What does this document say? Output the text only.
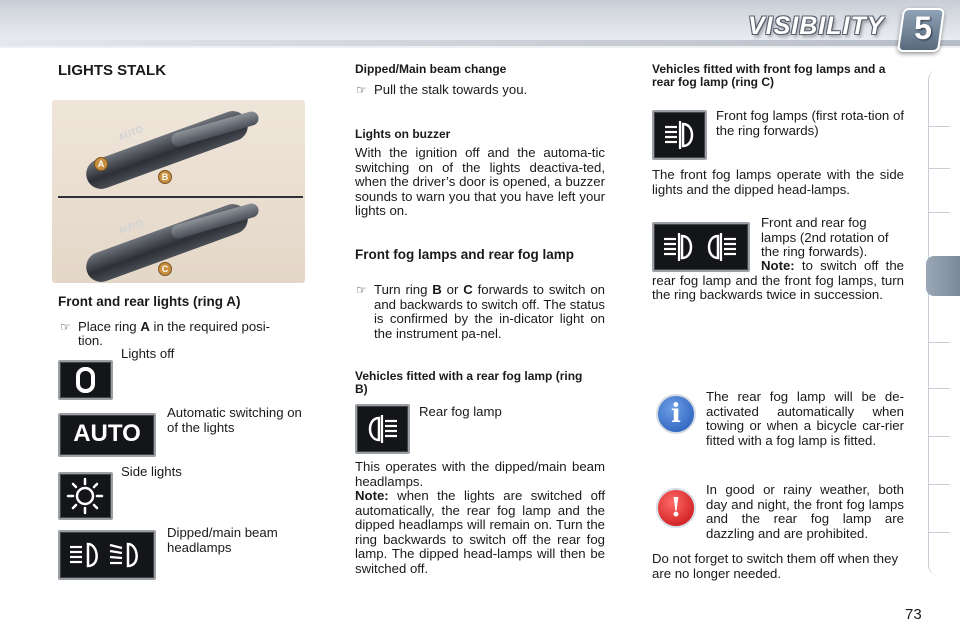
VISIBILITY 5
LIGHTS STALK
AUTO
AUTO
A
B
C
Front and rear lights (ring A)
☞ Place ring A in the required posi-
tion.
Lights off
AUTO
Automatic switching on of the lights
Side lights
Dipped/main beam headlamps
Dipped/Main beam change
☞ Pull the stalk towards you.
Lights on buzzer
With the ignition off and the automa-tic switching on of the lights deactiva-ted, when the driver’s door is opened, a buzzer sounds to warn you that you have left your lights on.
Front fog lamps and rear fog lamp
☞ Turn ring B or C forwards to switch on and backwards to switch off. The status is confirmed by the in-dicator light on the instrument pa-nel.
Vehicles fitted with a rear fog lamp (ring B)
Rear fog lamp
This operates with the dipped/main beam headlamps.
Note: when the lights are switched off automatically, the rear fog lamp and the dipped headlamps will remain on. Turn the ring backwards to switch off the rear fog lamp. The dipped head-lamps will then be switched off.
Vehicles fitted with front fog lamps and a rear fog lamp (ring C)
Front fog lamps (first rota-tion of the ring forwards)
The front fog lamps operate with the side lights and the dipped head-lamps.
Front and rear fog lamps (2nd rotation of the ring forwards).
Note: to switch off the rear fog lamp and the front fog lamps, turn the ring backwards twice in succession.
i
The rear fog lamp will be de-activated automatically when towing or when a bicycle car-rier fitted with a fog lamp is fitted.
!
In good or rainy weather, both day and night, the front fog lamps and the rear fog lamp are dazzling and are prohibited.
Do not forget to switch them off when they are no longer needed.
73
